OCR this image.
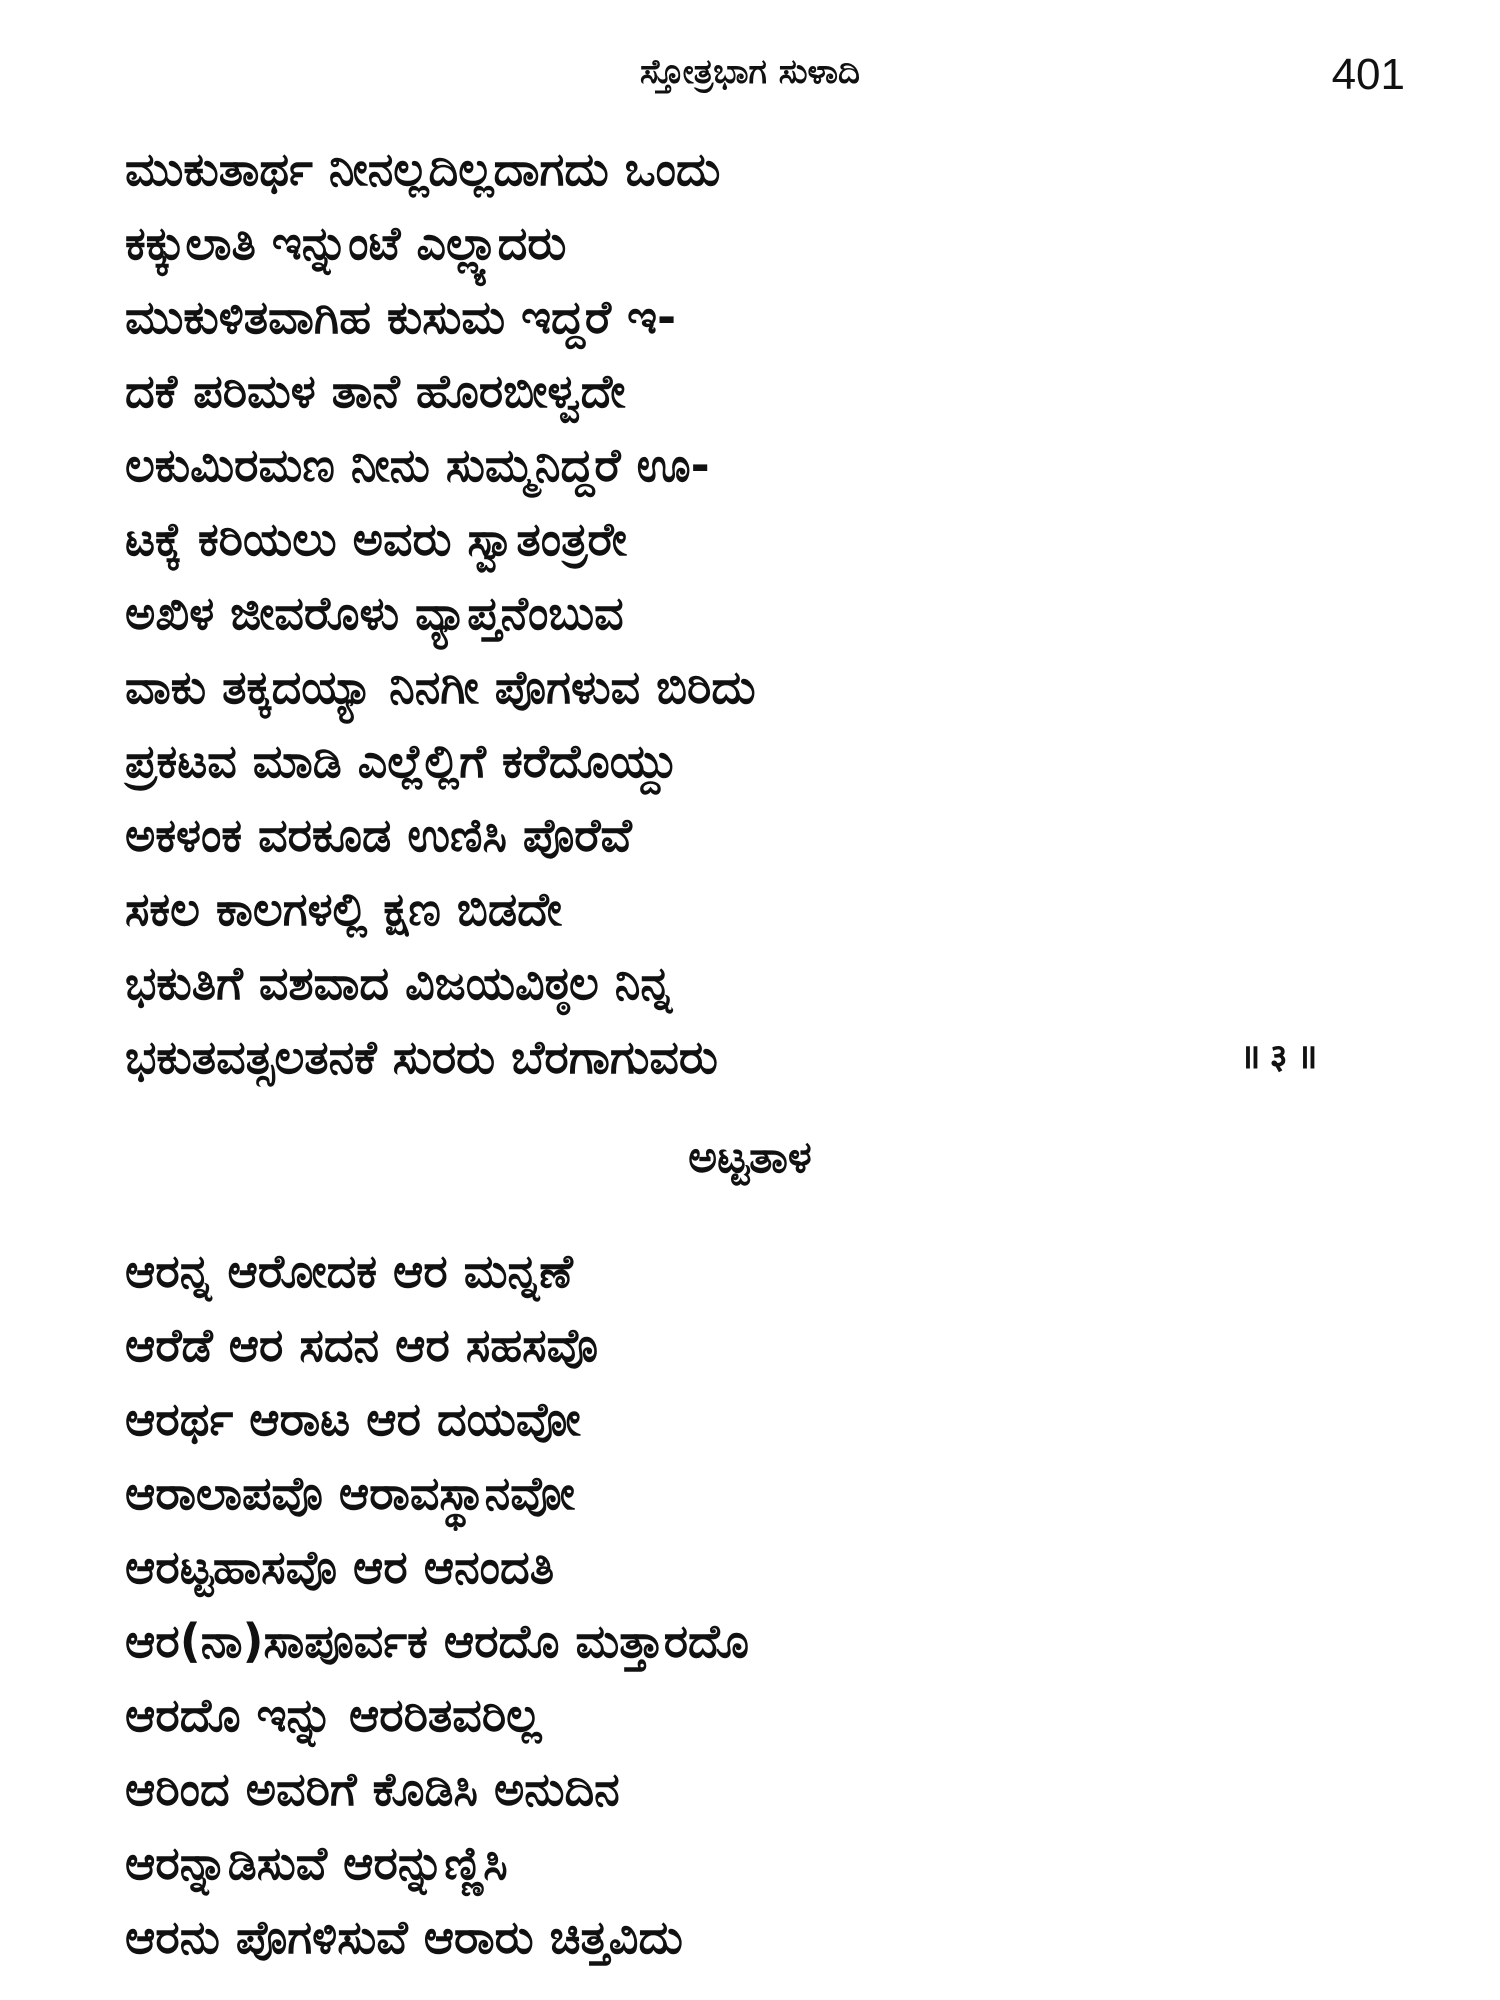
ಸ್ತೋತ್ರಭಾಗ ಸುಳಾದಿ	401
ಮುಕುತಾರ್ಥ ನೀನಲ್ಲದಿಲ್ಲದಾಗದು ಒಂದು
ಕಕ್ಕುಲಾತಿ ಇನ್ನುಂಟೆ ಎಲ್ಲ್ಯಾದರು
ಮುಕುಳಿತವಾಗಿಹ ಕುಸುಮ ಇದ್ದರೆ ಇ-
ದಕೆ ಪರಿಮಳ ತಾನೆ ಹೊರಬೀಳ್ವದೇ
ಲಕುಮಿರಮಣ ನೀನು ಸುಮ್ಮನಿದ್ದರೆ ಊ-
ಟಕ್ಕೆ ಕರಿಯಲು ಅವರು ಸ್ವಾತಂತ್ರರೇ
ಅಖಿಳ ಜೀವರೊಳು ವ್ಯಾಪ್ತನೆಂಬುವ
ವಾಕು ತಕ್ಕದಯ್ಯಾ ನಿನಗೀ ಪೊಗಳುವ ಬಿರಿದು
ಪ್ರಕಟವ ಮಾಡಿ ಎಲ್ಲೆಲ್ಲಿಗೆ ಕರೆದೊಯ್ದು
ಅಕಳಂಕ ವರಕೂಡ ಉಣಿಸಿ ಪೊರೆವೆ
ಸಕಲ ಕಾಲಗಳಲ್ಲಿ ಕ್ಷಣ ಬಿಡದೇ
ಭಕುತಿಗೆ ವಶವಾದ ವಿಜಯವಿಠ್ಠಲ ನಿನ್ನ
ಭಕುತವತ್ಸಲತನಕೆ ಸುರರು ಬೆರಗಾಗುವರು	॥ ३ ॥
ಅಟ್ಟತಾಳ
ಆರನ್ನ ಆರೋದಕ ಆರ ಮನ್ನಣೆ
ಆರೆಡೆ ಆರ ಸದನ ಆರ ಸಹಸವೊ
ಆರರ್ಥ ಆರಾಟ ಆರ ದಯವೋ
ಆರಾಲಾಪವೊ ಆರಾವಸ್ಥಾನವೋ
ಆರಟ್ಟಹಾಸವೊ ಆರ ಆನಂದತಿ
ಆರ(ನಾ)ಸಾಪೂರ್ವಕ ಆರದೊ ಮತ್ತಾರದೊ
ಆರದೊ ಇನ್ನು ಆರರಿತವರಿಲ್ಲ
ಆರಿಂದ ಅವರಿಗೆ ಕೊಡಿಸಿ ಅನುದಿನ
ಆರನ್ನಾಡಿಸುವೆ ಆರನ್ನುಣ್ಣಿಸಿ
ಆರನು ಪೊಗಳಿಸುವೆ ಆರಾರು ಚಿತ್ತವಿದು
